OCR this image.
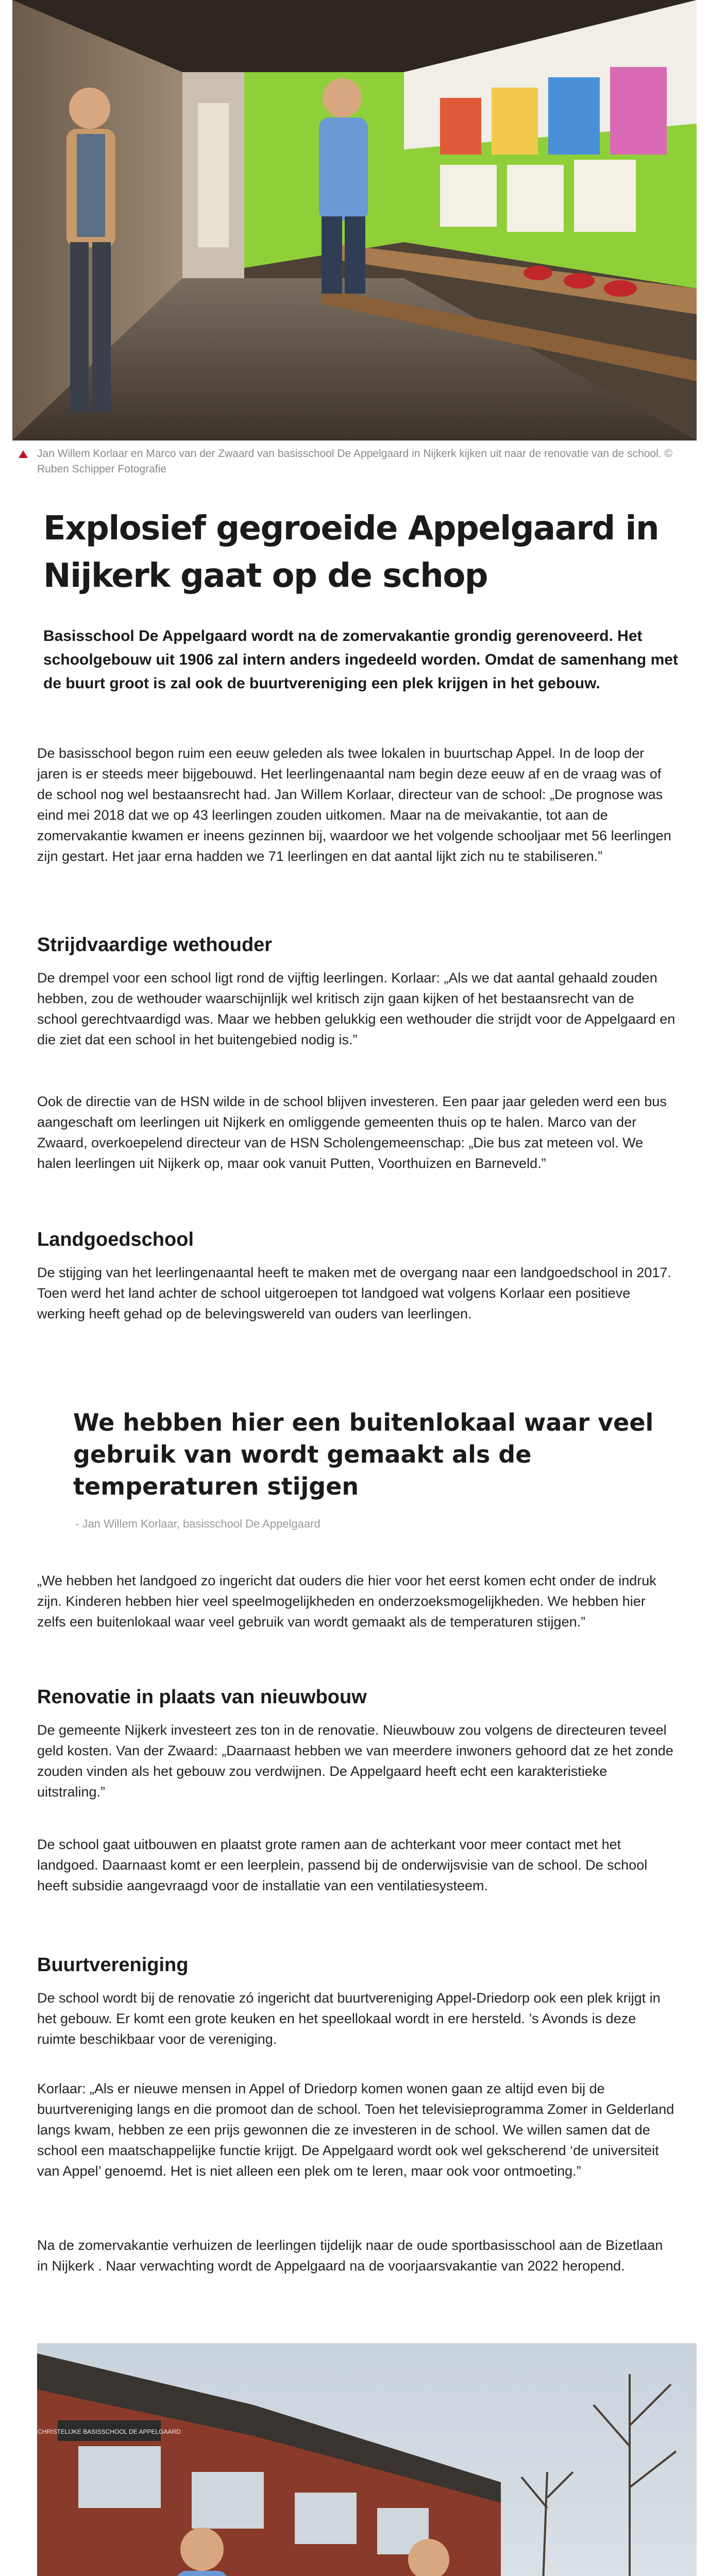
Jan Willem Korlaar en Marco van der Zwaard van basisschool De Appelgaard in Nijkerk kijken uit naar de renovatie van de school. © Ruben Schipper Fotografie
Explosief gegroeide Appelgaard in Nijkerk gaat op de schop

Basisschool De Appelgaard wordt na de zomervakantie grondig gerenoveerd. Het schoolgebouw uit 1906 zal intern anders ingedeeld worden. Omdat de samenhang met de buurt groot is zal ook de buurtvereniging een plek krijgen in het gebouw.

De basisschool begon ruim een eeuw geleden als twee lokalen in buurtschap Appel. In de loop der jaren is er steeds meer bijgebouwd. Het leerlingenaantal nam begin deze eeuw af en de vraag was of de school nog wel bestaansrecht had. Jan Willem Korlaar, directeur van de school: „De prognose was eind mei 2018 dat we op 43 leerlingen zouden uitkomen. Maar na de meivakantie, tot aan de zomervakantie kwamen er ineens gezinnen bij, waardoor we het volgende schooljaar met 56 leerlingen zijn gestart. Het jaar erna hadden we 71 leerlingen en dat aantal lijkt zich nu te stabiliseren.”

Strijdvaardige wethouder

De drempel voor een school ligt rond de vijftig leerlingen. Korlaar: „Als we dat aantal gehaald zouden hebben, zou de wethouder waarschijnlijk wel kritisch zijn gaan kijken of het bestaansrecht van de school gerechtvaardigd was. Maar we hebben gelukkig een wethouder die strijdt voor de Appelgaard en die ziet dat een school in het buitengebied nodig is.”

Ook de directie van de HSN wilde in de school blijven investeren. Een paar jaar geleden werd een bus aangeschaft om leerlingen uit Nijkerk en omliggende gemeenten thuis op te halen. Marco van der Zwaard, overkoepelend directeur van de HSN Scholengemeenschap: „Die bus zat meteen vol. We halen leerlingen uit Nijkerk op, maar ook vanuit Putten, Voorthuizen en Barneveld.”

Landgoedschool

De stijging van het leerlingenaantal heeft te maken met de overgang naar een landgoedschool in 2017. Toen werd het land achter de school uitgeroepen tot landgoed wat volgens Korlaar een positieve werking heeft gehad op de belevingswereld van ouders van leerlingen.

We hebben hier een buitenlokaal waar veel gebruik van wordt gemaakt als de temperaturen stijgen
- Jan Willem Korlaar, basisschool De Appelgaard

„We hebben het landgoed zo ingericht dat ouders die hier voor het eerst komen echt onder de indruk zijn. Kinderen hebben hier veel speelmogelijkheden en onderzoeksmogelijkheden. We hebben hier zelfs een buitenlokaal waar veel gebruik van wordt gemaakt als de temperaturen stijgen.”

Renovatie in plaats van nieuwbouw

De gemeente Nijkerk investeert zes ton in de renovatie. Nieuwbouw zou volgens de directeuren teveel geld kosten. Van der Zwaard: „Daarnaast hebben we van meerdere inwoners gehoord dat ze het zonde zouden vinden als het gebouw zou verdwijnen. De Appelgaard heeft echt een karakteristieke uitstraling.”

De school gaat uitbouwen en plaatst grote ramen aan de achterkant voor meer contact met het landgoed. Daarnaast komt er een leerplein, passend bij de onderwijsvisie van de school. De school heeft subsidie aangevraagd voor de installatie van een ventilatiesysteem.

Buurtvereniging

De school wordt bij de renovatie zó ingericht dat buurtvereniging Appel-Driedorp ook een plek krijgt in het gebouw. Er komt een grote keuken en het speellokaal wordt in ere hersteld. ’s Avonds is deze ruimte beschikbaar voor de vereniging.

Korlaar: „Als er nieuwe mensen in Appel of Driedorp komen wonen gaan ze altijd even bij de buurtvereniging langs en die promoot dan de school. Toen het televisieprogramma Zomer in Gelderland langs kwam, hebben ze een prijs gewonnen die ze investeren in de school. We willen samen dat de school een maatschappelijke functie krijgt. De Appelgaard wordt ook wel gekscherend ‘de universiteit van Appel’ genoemd. Het is niet alleen een plek om te leren, maar ook voor ontmoeting.”

Na de zomervakantie verhuizen de leerlingen tijdelijk naar de oude sportbasisschool aan de Bizetlaan in Nijkerk . Naar verwachting wordt de Appelgaard na de voorjaarsvakantie van 2022 heropend.

CHRISTELIJKE BASISSCHOOL DE APPELGAARD
